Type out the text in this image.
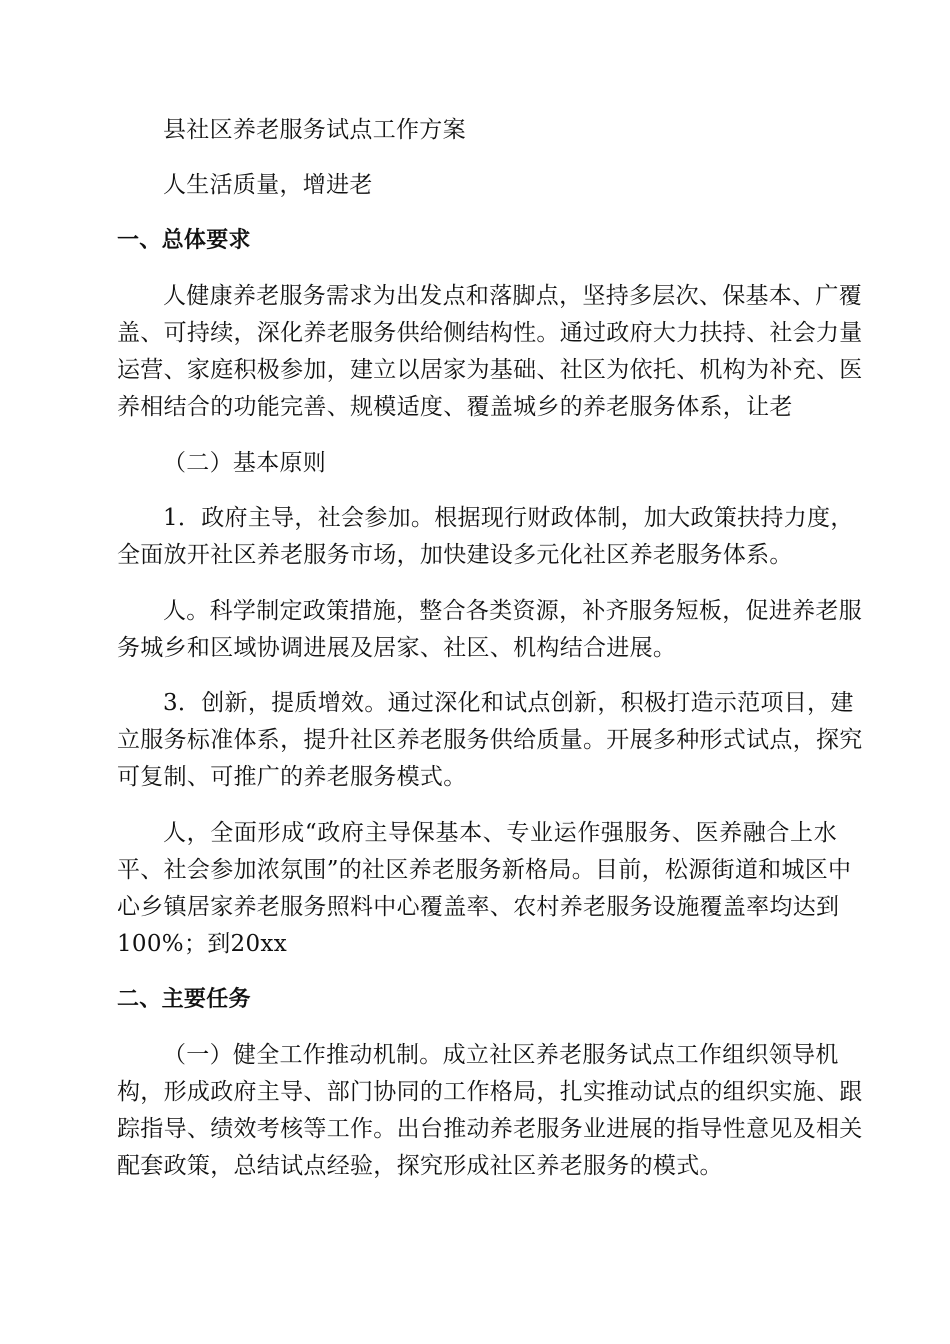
县社区养老服务试点工作方案
人生活质量，增进老
一、总体要求
人健康养老服务需求为出发点和落脚点，坚持多层次、保基本、广覆
盖、可持续，深化养老服务供给侧结构性。通过政府大力扶持、社会力量
运营、家庭积极参加，建立以居家为基础、社区为依托、机构为补充、医
养相结合的功能完善、规模适度、覆盖城乡的养老服务体系，让老
（二）基本原则
1．政府主导，社会参加。根据现行财政体制，加大政策扶持力度，
全面放开社区养老服务市场，加快建设多元化社区养老服务体系。
人。科学制定政策措施，整合各类资源，补齐服务短板，促进养老服
务城乡和区域协调进展及居家、社区、机构结合进展。
3．创新，提质增效。通过深化和试点创新，积极打造示范项目，建
立服务标准体系，提升社区养老服务供给质量。开展多种形式试点，探究
可复制、可推广的养老服务模式。
人，全面形成“政府主导保基本、专业运作强服务、医养融合上水
平、社会参加浓氛围”的社区养老服务新格局。目前，松源街道和城区中
心乡镇居家养老服务照料中心覆盖率、农村养老服务设施覆盖率均达到
100%；到20xx
二、主要任务
（一）健全工作推动机制。成立社区养老服务试点工作组织领导机
构，形成政府主导、部门协同的工作格局，扎实推动试点的组织实施、跟
踪指导、绩效考核等工作。出台推动养老服务业进展的指导性意见及相关
配套政策，总结试点经验，探究形成社区养老服务的模式。
